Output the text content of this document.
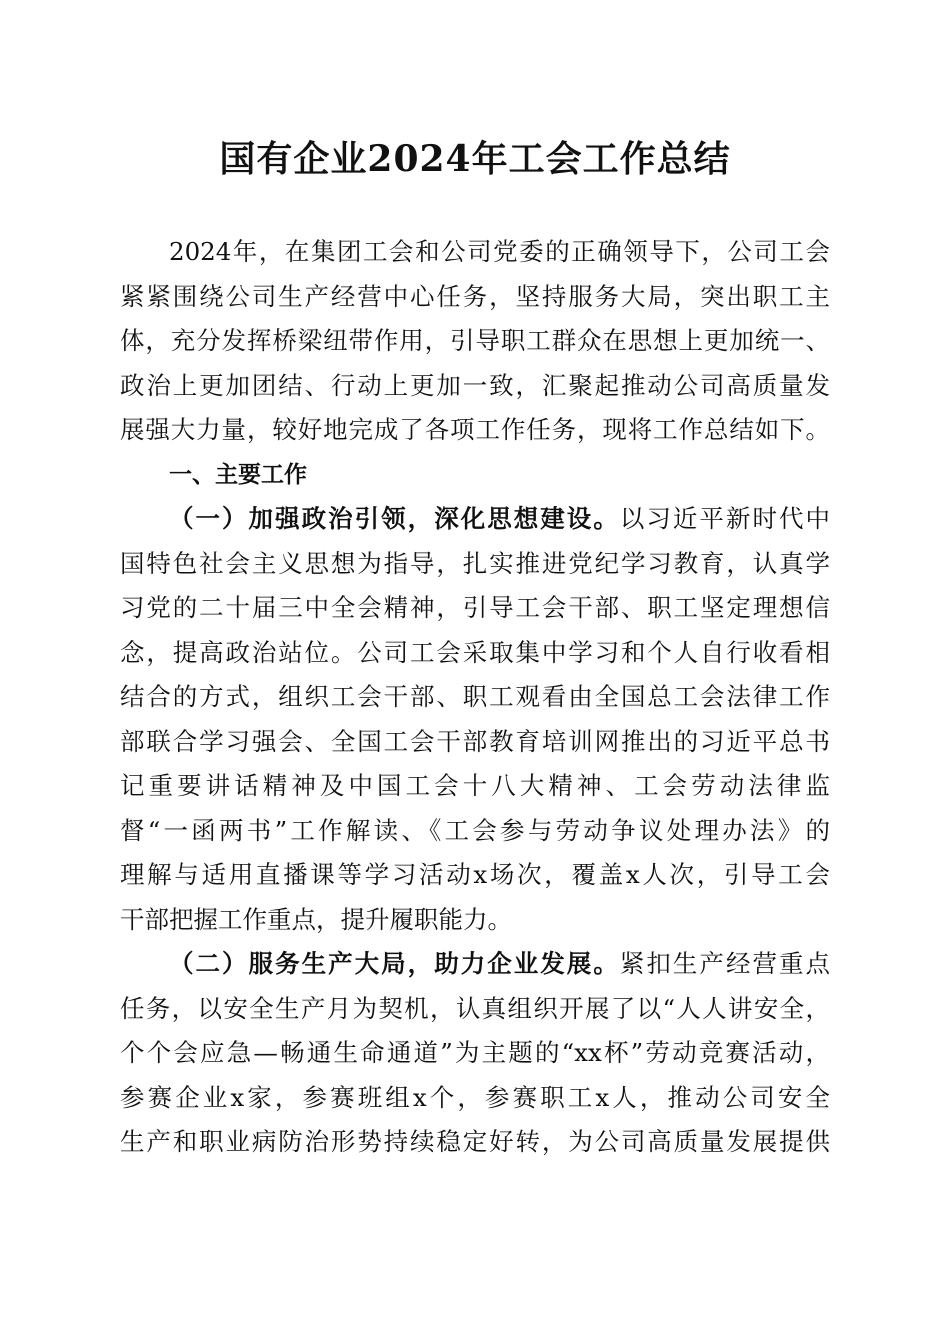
国有企业2024年工会工作总结
2024年，在集团工会和公司党委的正确领导下，公司工会
紧紧围绕公司生产经营中心任务，坚持服务大局，突出职工主
体，充分发挥桥梁纽带作用，引导职工群众在思想上更加统一、
政治上更加团结、行动上更加一致，汇聚起推动公司高质量发
展强大力量，较好地完成了各项工作任务，现将工作总结如下。
一、主要工作
（一）加强政治引领，深化思想建设。以习近平新时代中
国特色社会主义思想为指导，扎实推进党纪学习教育，认真学
习党的二十届三中全会精神，引导工会干部、职工坚定理想信
念，提高政治站位。公司工会采取集中学习和个人自行收看相
结合的方式，组织工会干部、职工观看由全国总工会法律工作
部联合学习强会、全国工会干部教育培训网推出的习近平总书
记重要讲话精神及中国工会十八大精神、工会劳动法律监
督“一函两书”工作解读、《工会参与劳动争议处理办法》的
理解与适用直播课等学习活动x场次，覆盖x人次，引导工会
干部把握工作重点，提升履职能力。
（二）服务生产大局，助力企业发展。紧扣生产经营重点
任务，以安全生产月为契机，认真组织开展了以“人人讲安全，
个个会应急—畅通生命通道”为主题的“xx杯”劳动竞赛活动，
参赛企业x家，参赛班组x个，参赛职工x人，推动公司安全
生产和职业病防治形势持续稳定好转，为公司高质量发展提供
